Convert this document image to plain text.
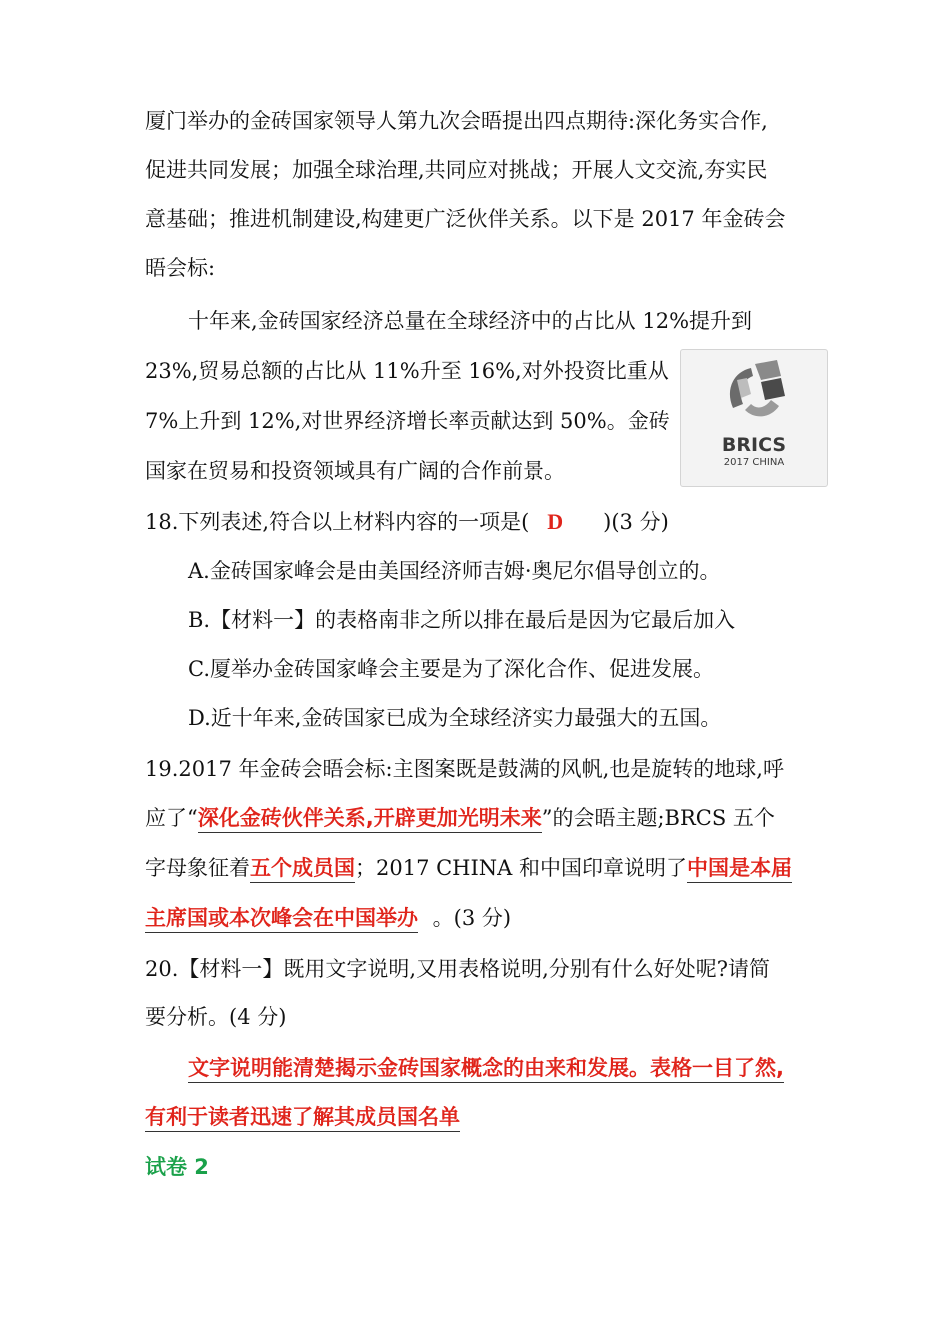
厦门举办的金砖国家领导人第九次会晤提出四点期待:深化务实合作,
促进共同发展；加强全球治理,共同应对挑战；开展人文交流,夯实民
意基础；推进机制建设,构建更广泛伙伴关系。以下是 2017 年金砖会
晤会标:
十年来,金砖国家经济总量在全球经济中的占比从 12%提升到
23%,贸易总额的占比从 11%升至 16%,对外投资比重从
7%上升到 12%,对世界经济增长率贡献达到 50%。金砖
国家在贸易和投资领域具有广阔的合作前景。
BRICS
2017 CHINA
18.下列表述,符合以上材料内容的一项是( D )(3 分)
A.金砖国家峰会是由美国经济师吉姆·奥尼尔倡导创立的。
B.【材料一】的表格南非之所以排在最后是因为它最后加入
C.厦举办金砖国家峰会主要是为了深化合作、促进发展。
D.近十年来,金砖国家已成为全球经济实力最强大的五国。
19.2017 年金砖会晤会标:主图案既是鼓满的风帆,也是旋转的地球,呼
应了“深化金砖伙伴关系,开辟更加光明未来”的会晤主题;BRCS 五个
字母象征着五个成员国；2017 CHINA 和中国印章说明了中国是本届
主席国或本次峰会在中国举办 。(3 分)
20.【材料一】既用文字说明,又用表格说明,分别有什么好处呢?请简
要分析。(4 分)
文字说明能清楚揭示金砖国家概念的由来和发展。表格一目了然,
有利于读者迅速了解其成员国名单
试卷 2
